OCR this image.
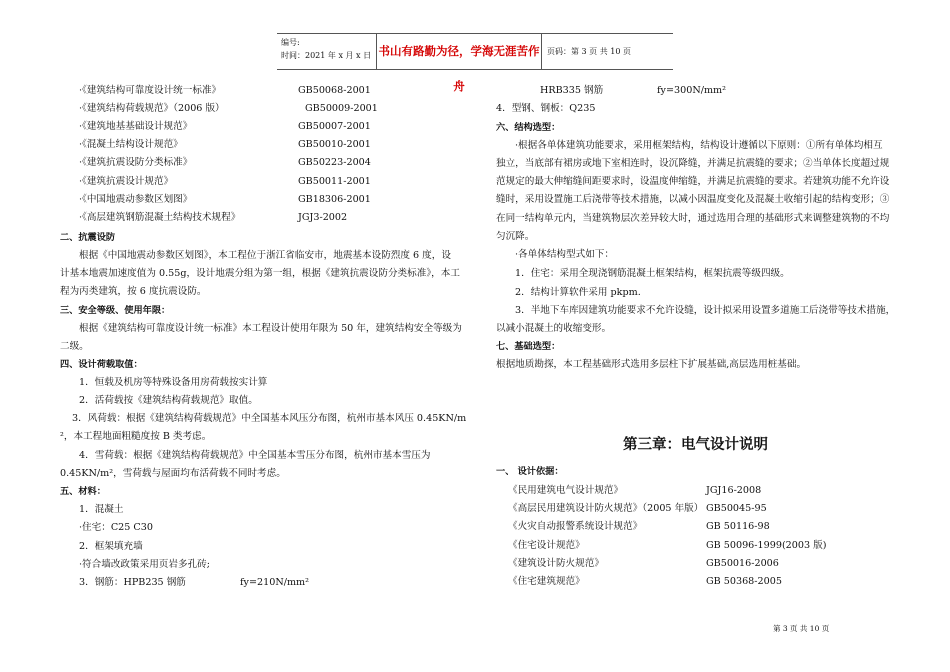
编号:
时间：2021 年 x 月 x 日 书山有路勤为径，学海无涯苦作舟
页码：第 3 页 共 10 页
·《建筑结构可靠度设计统一标准》	GB50068-2001
·《建筑结构荷载规范》（2006 版）	GB50009-2001
·《建筑地基基础设计规范》	GB50007-2001
·《混凝土结构设计规范》	GB50010-2001
·《建筑抗震设防分类标准》	GB50223-2004
·《建筑抗震设计规范》	GB50011-2001
·《中国地震动参数区划图》	GB18306-2001
·《高层建筑钢筋混凝土结构技术规程》	JGJ3-2002
二、抗震设防
根据《中国地震动参数区划图》，本工程位于浙江省临安市，地震基本设防烈度 6 度，设
计基本地震加速度值为 0.55g，设计地震分组为第一组，根据《建筑抗震设防分类标准》，本工
程为丙类建筑，按 6 度抗震设防。
三、安全等级、使用年限：
根据《建筑结构可靠度设计统一标准》本工程设计使用年限为 50 年，建筑结构安全等级为
二级。
四、设计荷载取值：
1．恒载及机房等特殊设备用房荷载按实计算
2．活荷载按《建筑结构荷载规范》取值。
3．风荷载：根据《建筑结构荷载规范》中全国基本风压分布图，杭州市基本风压 0.45KN/m
²，本工程地面粗糙度按 B 类考虑。
4．雪荷载：根据《建筑结构荷载规范》中全国基本雪压分布图，杭州市基本雪压为
0.45KN/m²，雪荷载与屋面均布活荷载不同时考虑。
五、材料：
1．混凝土
·住宅：C25 C30
2．框架填充墙
·符合墙改政策采用页岩多孔砖;
3．钢筋：HPB235 钢筋	fy=210N/mm²
HRB335 钢筋	fy=300N/mm²
4．型钢、钢板：Q235
六、结构选型：
·根据各单体建筑功能要求，采用框架结构，结构设计遵循以下原则：①所有单体均相互
独立，当底部有裙房或地下室相连时，设沉降缝，并满足抗震缝的要求；②当单体长度超过规
范规定的最大伸缩缝间距要求时，设温度伸缩缝，并满足抗震缝的要求。若建筑功能不允许设
缝时，采用设置施工后浇带等技术措施，以减小因温度变化及混凝土收缩引起的结构变形；③
在同一结构单元内，当建筑物层次差异较大时，通过选用合理的基础形式来调整建筑物的不均
匀沉降。
·各单体结构型式如下：
1．住宅：采用全现浇钢筋混凝土框架结构，框架抗震等级四级。
2．结构计算软件采用 pkpm.
3．半地下车库因建筑功能要求不允许设缝，设计拟采用设置多道施工后浇带等技术措施，
以减小混凝土的收缩变形。
七、基础选型：
根据地质勘探，本工程基础形式选用多层柱下扩展基础,高层选用桩基础。
第三章：电气设计说明
一、 设计依据：
《民用建筑电气设计规范》	JGJ16-2008
《高层民用建筑设计防火规范》（2005 年版） GB50045-95
《火灾自动报警系统设计规范》	GB 50116-98
《住宅设计规范》	GB 50096-1999(2003 版)
《建筑设计防火规范》	GB50016-2006
《住宅建筑规范》	GB 50368-2005
第 3 页 共 10 页
